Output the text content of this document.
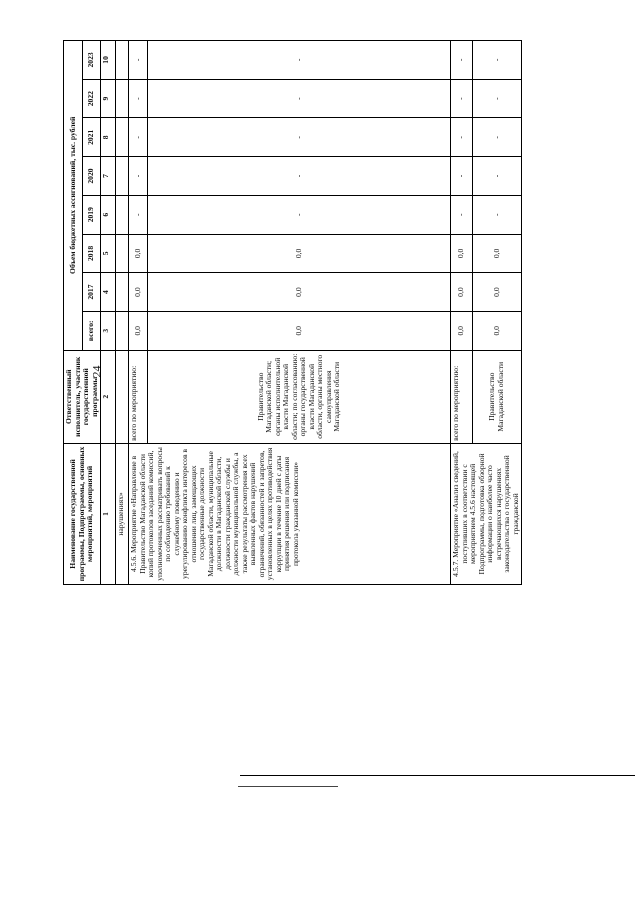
24
Наименование государственной программы, Подпрограммы, основных мероприятий, мероприятий	Ответственный исполнитель, участник государственной программы	Объем бюджетных ассигнований, тыс. рублей							
		всего:	2017	2018	2019	2020	2021	2022	2023
1	2	3	4	5	6	7	8	9	10
нарушениях»									
4.5.6. Мероприятие «Направление в Правительство Магаданской области копий протоколов заседаний комиссий, уполномоченных рассматривать вопросы по соблюдению требований к служебному поведению и урегулированию конфликта интересов в отношении лиц, замещающих государственные должности Магаданской области, муниципальные должности в Магаданской области, должности гражданской службы и должности муниципальной службы, а также результаты рассмотрения всех выявленных фактов нарушений ограничений, обязанностей и запретов, установленных в целях противодействия коррупции в течение 10 дней с даты принятия решения или подписания протокола указанной комиссии»	всего по мероприятию:	0,0	0,0	0,0	-	-	-	-	-
	Правительство Магаданской области; органы исполнительной власти Магаданской области; по согласованию: органы государственной власти Магаданской области, органы местного самоуправления Магаданской области	0,0	0,0	0,0	-	-	-	-	-
4.5.7. Мероприятие «Анализ сведений, поступивших в соответствии с мероприятием 4.5.6 настоящей Подпрограммы, подготовка обзорной информации о наиболее часто встречающихся нарушениях законодательства о государственной гражданской	всего по мероприятию:	0,0	0,0	0,0	-	-	-	-	-
	Правительство Магаданской области	0,0	0,0	0,0	-	-	-	-	-
